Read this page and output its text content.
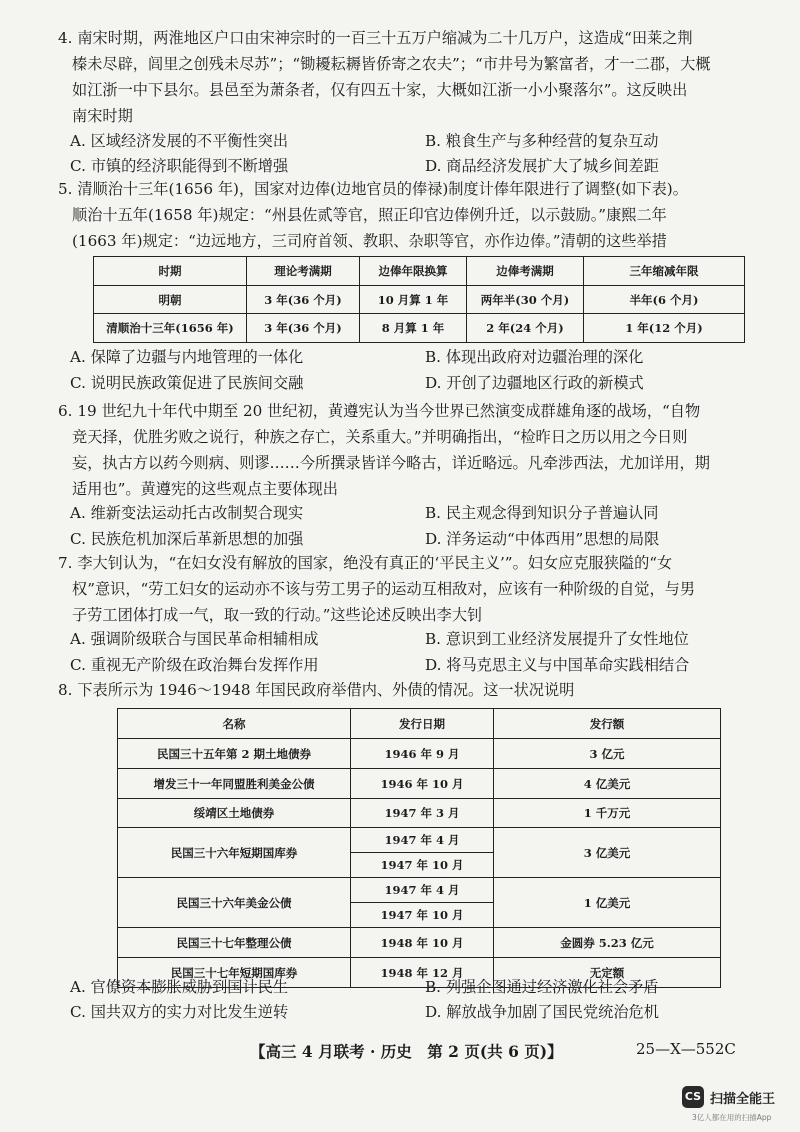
4. 南宋时期，两淮地区户口由宋神宗时的一百三十五万户缩减为二十几万户，这造成“田莱之荆

榛未尽辟，闾里之创残未尽苏”；“锄耰耘耨皆侨寄之农夫”；“市井号为繁富者，才一二郡，大概

如江浙一中下县尔。县邑至为萧条者，仅有四五十家，大概如江浙一小小聚落尔”。这反映出

南宋时期

A. 区域经济发展的不平衡性突出	B. 粮食生产与多种经营的复杂互动
C. 市镇的经济职能得到不断增强	D. 商品经济发展扩大了城乡间差距

5. 清顺治十三年(1656 年)，国家对边俸(边地官员的俸禄)制度计俸年限进行了调整(如下表)。

顺治十五年(1658 年)规定：“州县佐贰等官，照正印官边俸例升迁，以示鼓励。”康熙二年

(1663 年)规定：“边远地方，三司府首领、教职、杂职等官，亦作边俸。”清朝的这些举措

时期	理论考满期	边俸年限换算	边俸考满期	三年缩减年限
明朝	3 年(36 个月)	10 月算 1 年	两年半(30 个月)	半年(6 个月)
清顺治十三年(1656 年)	3 年(36 个月)	8 月算 1 年	2 年(24 个月)	1 年(12 个月)
A. 保障了边疆与内地管理的一体化	B. 体现出政府对边疆治理的深化
C. 说明民族政策促进了民族间交融	D. 开创了边疆地区行政的新模式

6. 19 世纪九十年代中期至 20 世纪初，黄遵宪认为当今世界已然演变成群雄角逐的战场，“自物

竞天择，优胜劣败之说行，种族之存亡，关系重大。”并明确指出，“检昨日之历以用之今日则

妄，执古方以药今则病、则谬……今所撰录皆详今略古，详近略远。凡牵涉西法，尤加详用，期

适用也”。黄遵宪的这些观点主要体现出

A. 维新变法运动托古改制契合现实	B. 民主观念得到知识分子普遍认同
C. 民族危机加深后革新思想的加强	D. 洋务运动“中体西用”思想的局限

7. 李大钊认为，“在妇女没有解放的国家，绝没有真正的‘平民主义’”。妇女应克服狭隘的“女

权”意识，“劳工妇女的运动亦不该与劳工男子的运动互相敌对，应该有一种阶级的自觉，与男

子劳工团体打成一气，取一致的行动。”这些论述反映出李大钊

A. 强调阶级联合与国民革命相辅相成	B. 意识到工业经济发展提升了女性地位
C. 重视无产阶级在政治舞台发挥作用	D. 将马克思主义与中国革命实践相结合

8. 下表所示为 1946～1948 年国民政府举借内、外债的情况。这一状况说明

名称	发行日期	发行额
民国三十五年第 2 期土地债券	1946 年 9 月	3 亿元
增发三十一年同盟胜利美金公债	1946 年 10 月	4 亿美元
绥靖区土地债券	1947 年 3 月	1 千万元
民国三十六年短期国库券	1947 年 4 月	3 亿美元
	1947 年 10 月	
民国三十六年美金公债	1947 年 4 月	1 亿美元
	1947 年 10 月	
民国三十七年整理公债	1948 年 10 月	金圆券 5.23 亿元
民国三十七年短期国库券	1948 年 12 月	无定额
A. 官僚资本膨胀威胁到国计民生	B. 列强企图通过经济激化社会矛盾
C. 国共双方的实力对比发生逆转	D. 解放战争加剧了国民党统治危机
【高三 4 月联考 · 历史　第 2 页(共 6 页)】	25—X—552C
CS 扫描全能王
3亿人都在用的扫描App
